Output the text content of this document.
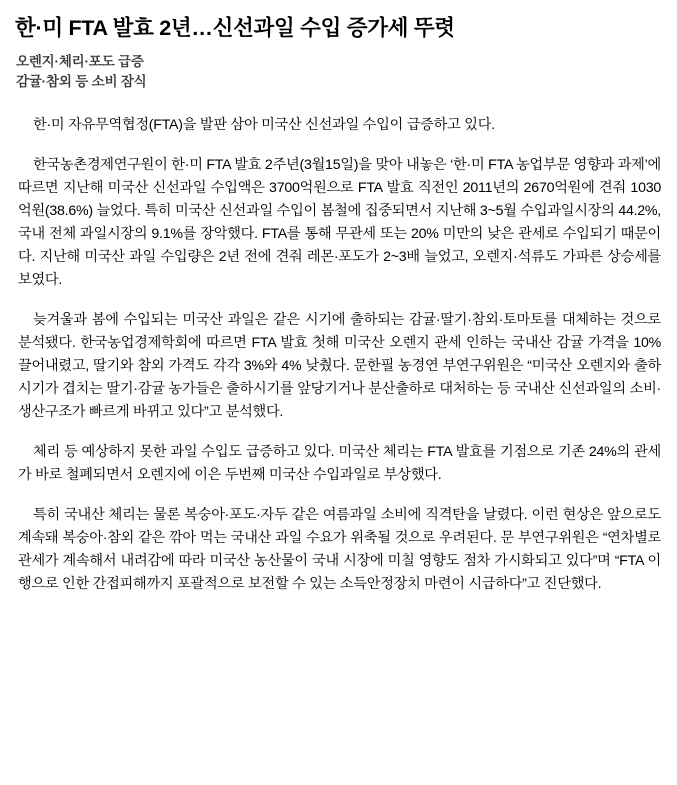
한·미 FTA 발효 2년…신선과일 수입 증가세 뚜렷
오렌지·체리·포도 급증
감귤·참외 등 소비 잠식

한·미 자유무역협정(FTA)을 발판 삼아 미국산 신선과일 수입이 급증하고 있다.

한국농촌경제연구원이 한·미 FTA 발효 2주년(3월15일)을 맞아 내놓은 ‘한·미 FTA 농업부문 영향과 과제’에 따르면 지난해 미국산 신선과일 수입액은 3700억원으로 FTA 발효 직전인 2011년의 2670억원에 견줘 1030억원(38.6%) 늘었다. 특히 미국산 신선과일 수입이 봄철에 집중되면서 지난해 3~5월 수입과일시장의 44.2%, 국내 전체 과일시장의 9.1%를 장악했다. FTA를 통해 무관세 또는 20% 미만의 낮은 관세로 수입되기 때문이다. 지난해 미국산 과일 수입량은 2년 전에 견줘 레몬·포도가 2~3배 늘었고, 오렌지·석류도 가파른 상승세를 보였다.

늦겨울과 봄에 수입되는 미국산 과일은 같은 시기에 출하되는 감귤·딸기·참외·토마토를 대체하는 것으로 분석됐다. 한국농업경제학회에 따르면 FTA 발효 첫해 미국산 오렌지 관세 인하는 국내산 감귤 가격을 10% 끌어내렸고, 딸기와 참외 가격도 각각 3%와 4% 낮췄다. 문한필 농경연 부연구위원은 “미국산 오렌지와 출하시기가 겹치는 딸기·감귤 농가들은 출하시기를 앞당기거나 분산출하로 대처하는 등 국내산 신선과일의 소비·생산구조가 빠르게 바뀌고 있다”고 분석했다.

체리 등 예상하지 못한 과일 수입도 급증하고 있다. 미국산 체리는 FTA 발효를 기점으로 기존 24%의 관세가 바로 철폐되면서 오렌지에 이은 두번째 미국산 수입과일로 부상했다.

특히 국내산 체리는 물론 복숭아·포도·자두 같은 여름과일 소비에 직격탄을 날렸다. 이런 현상은 앞으로도 계속돼 복숭아·참외 같은 깎아 먹는 국내산 과일 수요가 위축될 것으로 우려된다. 문 부연구위원은 “연차별로 관세가 계속해서 내려감에 따라 미국산 농산물이 국내 시장에 미칠 영향도 점차 가시화되고 있다”며 “FTA 이행으로 인한 간접피해까지 포괄적으로 보전할 수 있는 소득안정장치 마련이 시급하다”고 진단했다.
